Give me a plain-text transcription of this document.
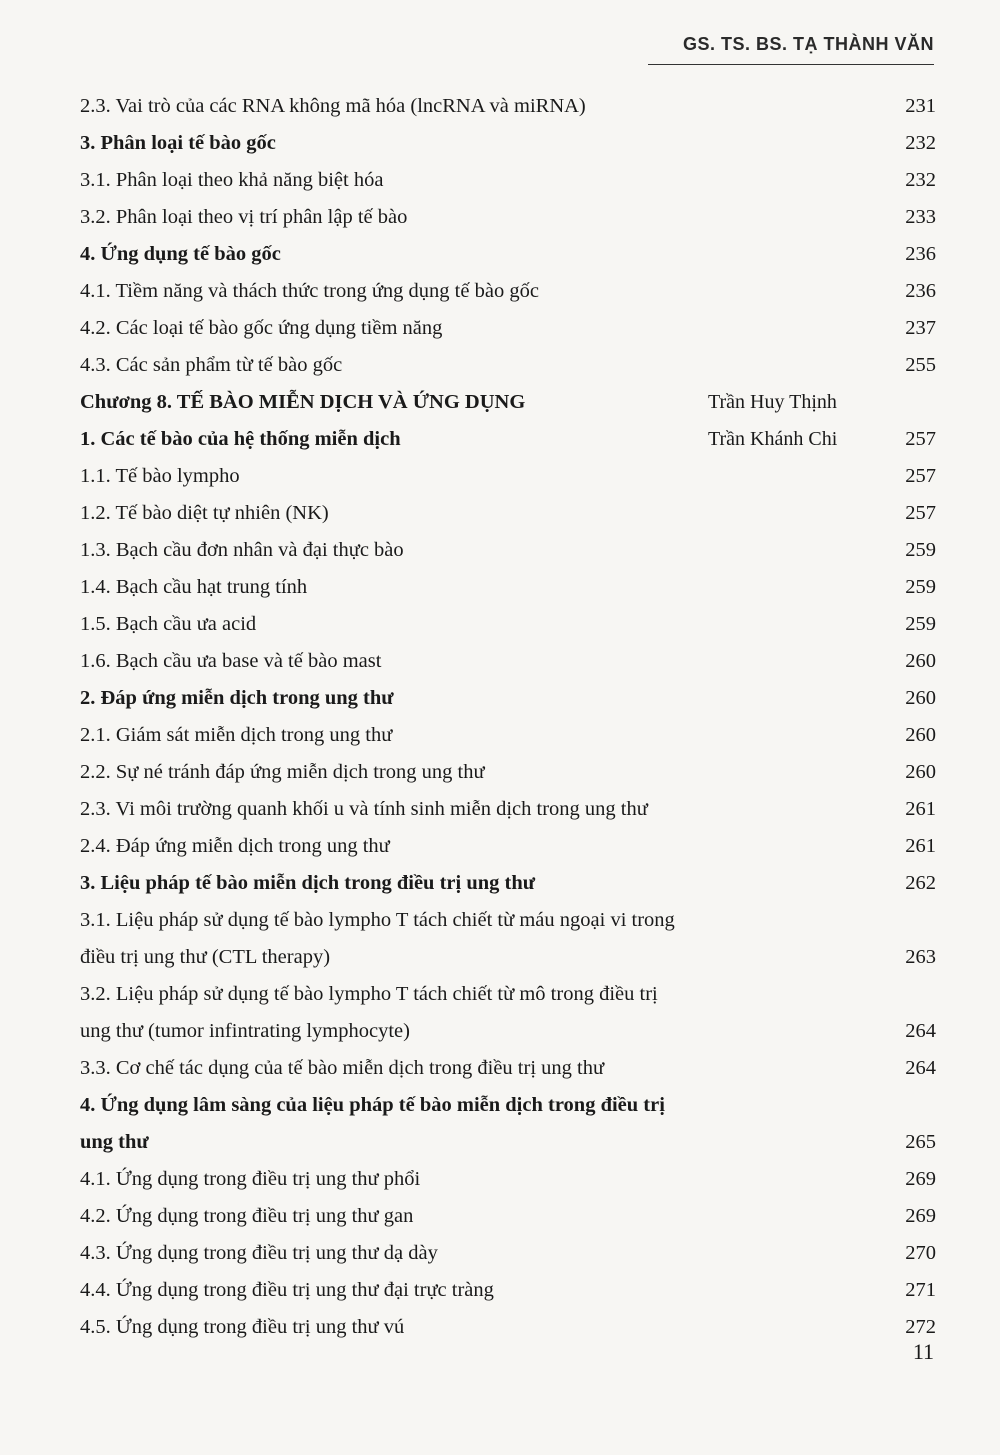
GS. TS. BS. TẠ THÀNH VĂN
2.3. Vai trò của các RNA không mã hóa (lncRNA và miRNA)	231
3. Phân loại tế bào gốc	232
3.1. Phân loại theo khả năng biệt hóa	232
3.2. Phân loại theo vị trí phân lập tế bào	233
4. Ứng dụng tế bào gốc	236
4.1. Tiềm năng và thách thức trong ứng dụng tế bào gốc	236
4.2. Các loại tế bào gốc ứng dụng tiềm năng	237
4.3. Các sản phẩm từ tế bào gốc	255
Chương 8. TẾ BÀO MIỄN DỊCH VÀ ỨNG DỤNG	Trần Huy Thịnh
1. Các tế bào của hệ thống miễn dịch	Trần Khánh Chi	257
1.1. Tế bào lympho	257
1.2. Tế bào diệt tự nhiên (NK)	257
1.3. Bạch cầu đơn nhân và đại thực bào	259
1.4. Bạch cầu hạt trung tính	259
1.5. Bạch cầu ưa acid	259
1.6. Bạch cầu ưa base và tế bào mast	260
2. Đáp ứng miễn dịch trong ung thư	260
2.1. Giám sát miễn dịch trong ung thư	260
2.2. Sự né tránh đáp ứng miễn dịch trong ung thư	260
2.3. Vi môi trường quanh khối u và tính sinh miễn dịch trong ung thư	261
2.4. Đáp ứng miễn dịch trong ung thư	261
3. Liệu pháp tế bào miễn dịch trong điều trị ung thư	262
3.1. Liệu pháp sử dụng tế bào lympho T tách chiết từ máu ngoại vi trong
điều trị ung thư (CTL therapy)	263
3.2. Liệu pháp sử dụng tế bào lympho T tách chiết từ mô trong điều trị
ung thư (tumor infintrating lymphocyte)	264
3.3. Cơ chế tác dụng của tế bào miễn dịch trong điều trị ung thư	264
4. Ứng dụng lâm sàng của liệu pháp tế bào miễn dịch trong điều trị
ung thư	265
4.1. Ứng dụng trong điều trị ung thư phổi	269
4.2. Ứng dụng trong điều trị ung thư gan	269
4.3. Ứng dụng trong điều trị ung thư dạ dày	270
4.4. Ứng dụng trong điều trị ung thư đại trực tràng	271
4.5. Ứng dụng trong điều trị ung thư vú	272
11
